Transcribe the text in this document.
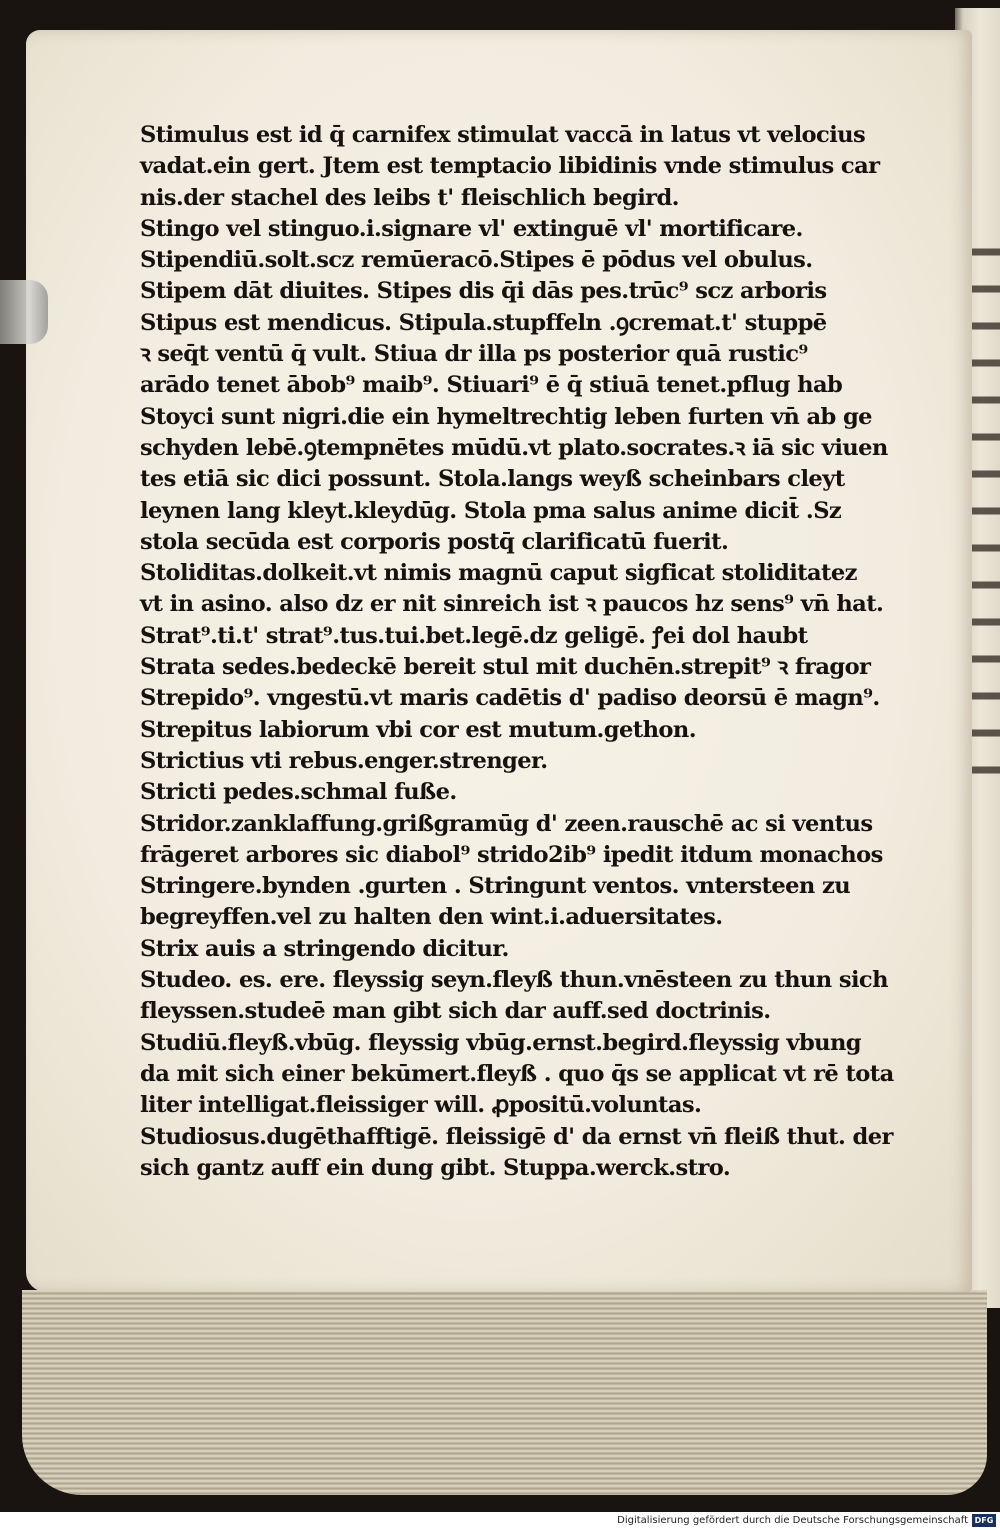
Stimulus est id q̄ carnifex stimulat vaccā in latus vt velocius
vadat.ein gert. Jtem est temptacio libidinis vnde stimulus car
nis.der stachel des leibs t' fleischlich begird.
Stingo vel stinguo.i.signare vl' extinguē vl' mortificare.
Stipendiū.solt.scz remūeracō.Stipes ē pōdus vel obulus.
Stipem dāt diuites. Stipes dis q̄i dās pes.trūc⁹ scz arboris
Stipus est mendicus. Stipula.stupffeln .ꝯcremat.t' stuppē
ꝛ seq̄t ventū q̄ vult. Stiua dr illa ps posterior quā rustic⁹
arādo tenet ābob⁹ maib⁹. Stiuari⁹ ē q̄ stiuā tenet.pflug hab
Stoyci sunt nigri.die ein hymeltrechtig leben furten vn̄ ab ge
schyden lebē.ꝯtempnētes mūdū.vt plato.socrates.ꝛ iā sic viuen
tes etiā sic dici possunt. Stola.langs weyß scheinbars cleyt
leynen lang kleyt.kleydūg. Stola pma salus anime dicit̄ .Sz
stola secūda est corporis postq̄ clarificatū fuerit.
Stoliditas.dolkeit.vt nimis magnū caput sigficat stoliditatez
vt in asino. also dz er nit sinreich ist ꝛ paucos hz sens⁹ vn̄ hat.
Strat⁹.ti.t' strat⁹.tus.tui.bet.legē.dz geligē. ꝭei dol haubt
Strata sedes.bedeckē bereit stul mit duchēn.strepit⁹ ꝛ fragor
Strepido⁹. vngestū.vt maris cadētis d' padiso deorsū ē magn⁹.
Strepitus labiorum vbi cor est mutum.gethon.
Strictius vti rebus.enger.strenger.
Stricti pedes.schmal fuße.
Stridor.zanklaffung.grißgramūg d' zeen.rauschē ac si ventus
frāgeret arbores sic diabol⁹ strido2ib⁹ ipedit itdum monachos
Stringere.bynden .gurten . Stringunt ventos. vntersteen zu
begreyffen.vel zu halten den wint.i.aduersitates.
Strix auis a stringendo dicitur.
Studeo. es. ere. fleyssig seyn.fleyß thun.vnēsteen zu thun sich
fleyssen.studeē man gibt sich dar auff.sed doctrinis.
Studiū.fleyß.vbūg. fleyssig vbūg.ernst.begird.fleyssig vbung
da mit sich einer bekūmert.fleyß . quo q̄s se applicat vt rē tota
liter intelligat.fleissiger will. ꝓpositū.voluntas.
Studiosus.dugēthafftigē. fleissigē d' da ernst vn̄ fleiß thut. der
sich gantz auff ein dung gibt. Stuppa.werck.stro.
Digitalisierung gefördert durch die Deutsche Forschungsgemeinschaft DFG
